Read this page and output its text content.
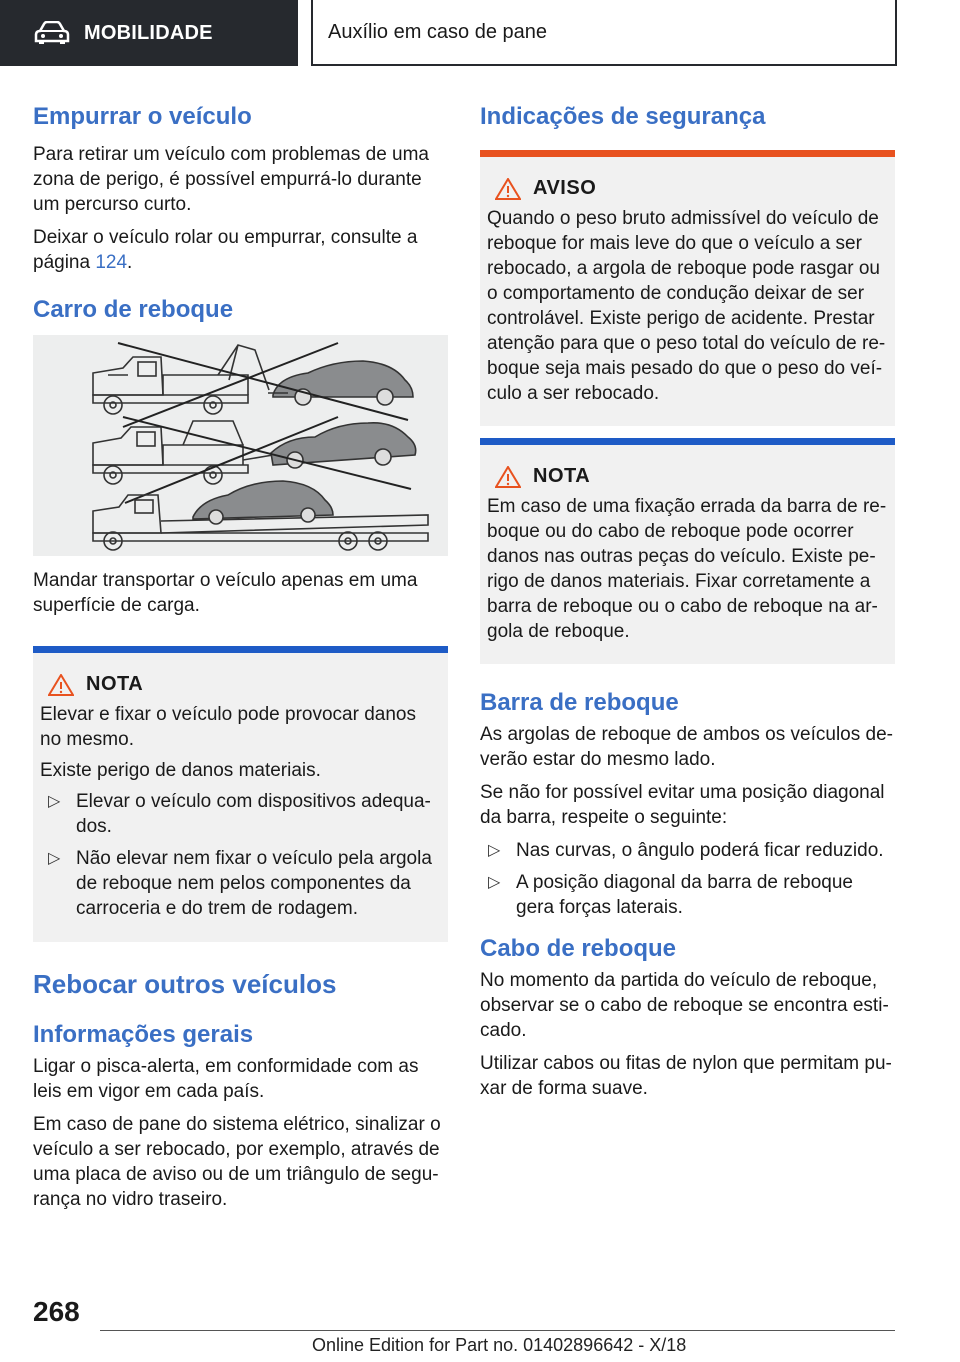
MOBILIDADE	Auxílio em caso de pane
Empurrar o veículo

Para retirar um veículo com problemas de uma zona de perigo, é possível empurrá-lo durante um percurso curto.

Deixar o veículo rolar ou empurrar, consulte a página 124.

Carro de reboque

Mandar transportar o veículo apenas em uma superfície de carga.

NOTA

Elevar e fixar o veículo pode provocar danos no mesmo.

Existe perigo de danos materiais.

▷ Elevar o veículo com dispositivos adequados.
▷ Não elevar nem fixar o veículo pela argola de reboque nem pelos componentes da carroceria e do trem de rodagem.
Rebocar outros veículos
Informações gerais

Ligar o pisca-alerta, em conformidade com as leis em vigor em cada país.

Em caso de pane do sistema elétrico, sinalizar o veículo a ser rebocado, por exemplo, através de uma placa de aviso ou de um triângulo de segurança no vidro traseiro.

Indicações de segurança
AVISO

Quando o peso bruto admissível do veículo de reboque for mais leve do que o veículo a ser rebocado, a argola de reboque pode rasgar ou o comportamento de condução deixar de ser controlável. Existe perigo de acidente. Prestar atenção para que o peso total do veículo de reboque seja mais pesado do que o peso do veículo a ser rebocado.

NOTA

Em caso de uma fixação errada da barra de reboque ou do cabo de reboque pode ocorrer danos nas outras peças do veículo. Existe perigo de danos materiais. Fixar corretamente a barra de reboque ou o cabo de reboque na argola de reboque.

Barra de reboque

As argolas de reboque de ambos os veículos deverão estar do mesmo lado.

Se não for possível evitar uma posição diagonal da barra, respeite o seguinte:

▷ Nas curvas, o ângulo poderá ficar reduzido.
▷ A posição diagonal da barra de reboque gera forças laterais.
Cabo de reboque

No momento da partida do veículo de reboque, observar se o cabo de reboque se encontra esticado.

Utilizar cabos ou fitas de nylon que permitam puxar de forma suave.

268
Online Edition for Part no. 01402896642 - X/18
